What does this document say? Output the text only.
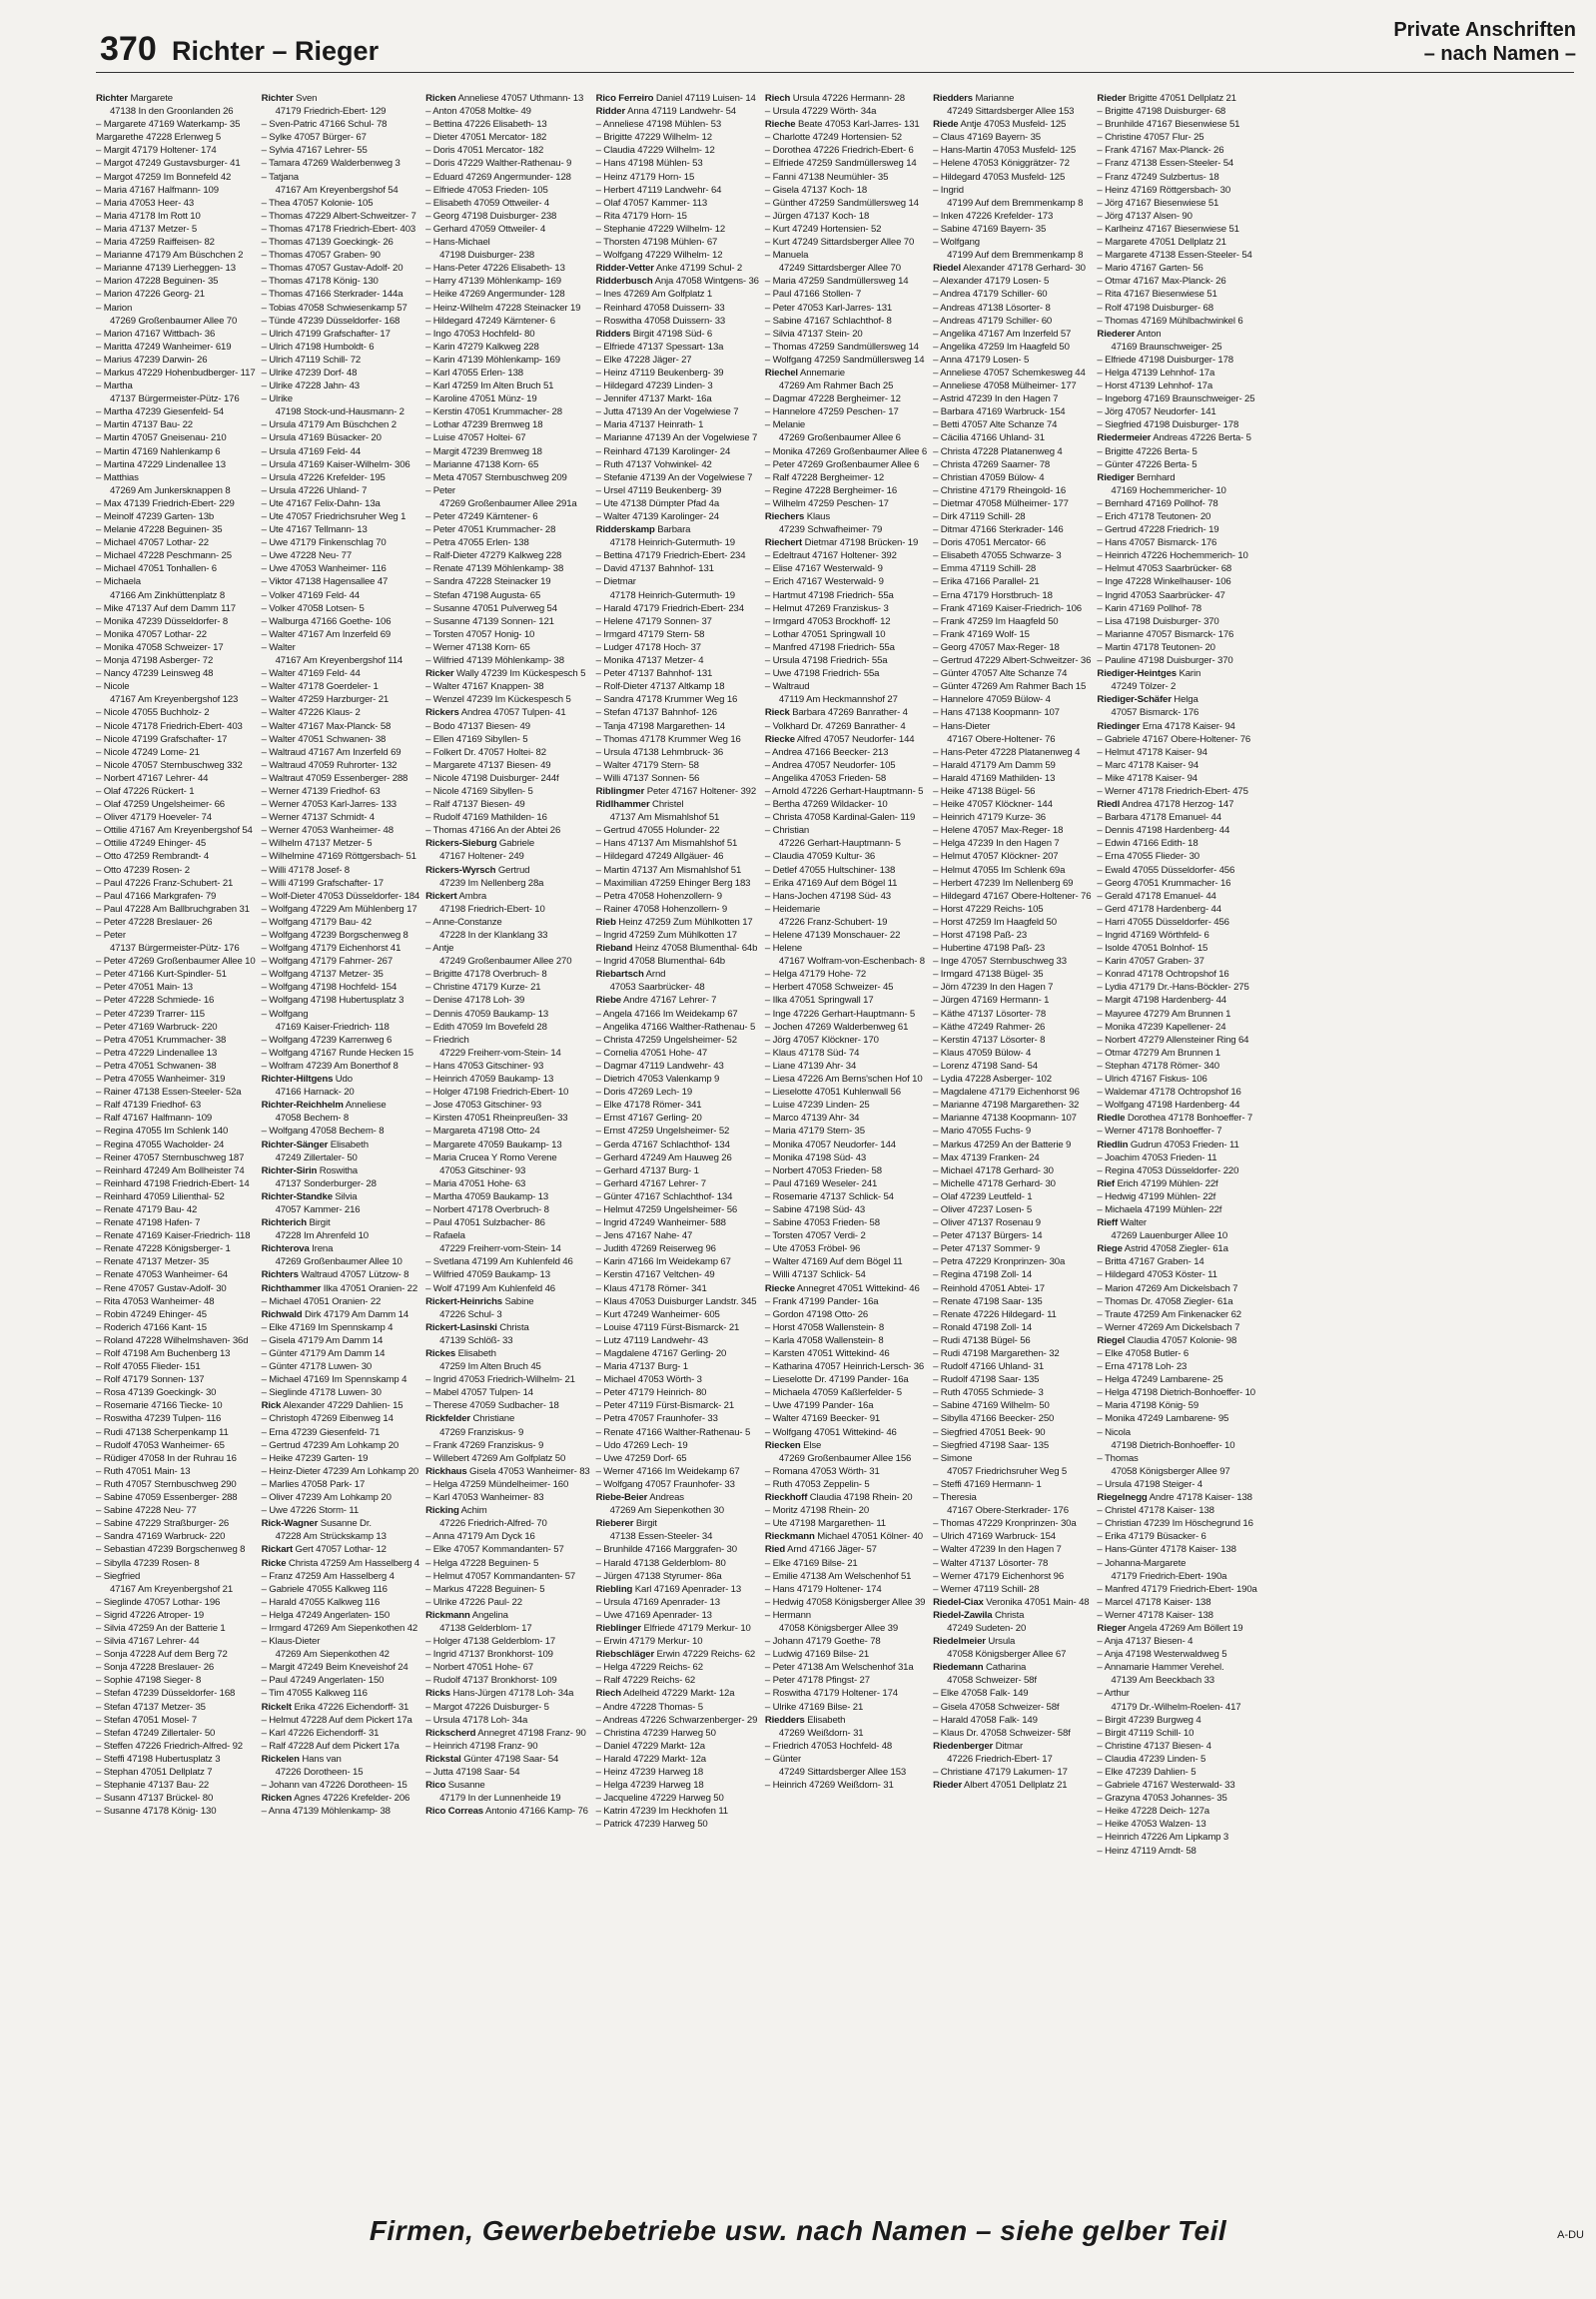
370 Richter – Rieger
Private Anschriften
– nach Namen –
Richter Margarete
47138 In den Groonlanden 26
– Margarete 47169 Waterkamp- 35
Margarethe 47228 Erlenweg 5
– Margit 47179 Holtener- 174
– Margot 47249 Gustavsburger- 41
– Margot 47259 Im Bonnefeld 42
– Maria 47167 Halfmann- 109
– Maria 47053 Heer- 43
– Maria 47178 Im Rott 10
– Maria 47137 Metzer- 5
– Maria 47259 Raiffeisen- 82
– Marianne 47179 Am Büschchen 2
– Marianne 47139 Lierheggen- 13
– Marion 47228 Beguinen- 35
– Marion 47226 Georg- 21
– Marion
47269 Großenbaumer Allee 70
– Marion 47167 Wittbach- 36
– Maritta 47249 Wanheimer- 619
– Marius 47239 Darwin- 26
– Markus 47229 Hohenbudberger- 117
– Martha
47137 Bürgermeister-Pütz- 176
– Martha 47239 Giesenfeld- 54
– Martin 47137 Bau- 22
– Martin 47057 Gneisenau- 210
– Martin 47169 Nahlenkamp 6
– Martina 47229 Lindenallee 13
– Matthias
47269 Am Junkersknappen 8
– Max 47139 Friedrich-Ebert- 229
– Meinolf 47239 Garten- 13b
– Melanie 47228 Beguinen- 35
– Michael 47057 Lothar- 22
– Michael 47228 Peschmann- 25
– Michael 47051 Tonhallen- 6
– Michaela
47166 Am Zinkhüttenplatz 8
– Mike 47137 Auf dem Damm 117
– Monika 47239 Düsseldorfer- 8
– Monika 47057 Lothar- 22
– Monika 47058 Schweizer- 17
– Monja 47198 Asberger- 72
– Nancy 47239 Leinsweg 48
– Nicole
47167 Am Kreyenbergshof 123
– Nicole 47055 Buchholz- 2
– Nicole 47178 Friedrich-Ebert- 403
– Nicole 47199 Grafschafter- 17
– Nicole 47249 Lome- 21
– Nicole 47057 Sternbuschweg 332
– Norbert 47167 Lehrer- 44
– Olaf 47226 Rückert- 1
– Olaf 47259 Ungelsheimer- 66
– Oliver 47179 Hoeveler- 74
– Ottilie 47167 Am Kreyenbergshof 54
– Ottilie 47249 Ehinger- 45
– Otto 47259 Rembrandt- 4
– Otto 47239 Rosen- 2
– Paul 47226 Franz-Schubert- 21
– Paul 47166 Markgrafen- 79
– Paul 47228 Am Ballbruchgraben 31
– Peter 47228 Breslauer- 26
– Peter
47137 Bürgermeister-Pütz- 176
– Peter 47269 Großenbaumer Allee 10
– Peter 47166 Kurt-Spindler- 51
– Peter 47051 Main- 13
– Peter 47228 Schmiede- 16
– Peter 47239 Trarrer- 115
– Peter 47169 Warbruck- 220
– Petra 47051 Krummacher- 38
– Petra 47229 Lindenallee 13
– Petra 47051 Schwanen- 38
– Petra 47055 Wanheimer- 319
– Rainer 47138 Essen-Steeler- 52a
– Ralf 47139 Friedhof- 63
– Ralf 47167 Halfmann- 109
– Regina 47055 Im Schlenk 140
– Regina 47055 Wacholder- 24
– Reiner 47057 Sternbuschweg 187
– Reinhard 47249 Am Bollheister 74
– Reinhard 47198 Friedrich-Ebert- 14
– Reinhard 47059 Lilienthal- 52
– Renate 47179 Bau- 42
– Renate 47198 Hafen- 7
– Renate 47169 Kaiser-Friedrich- 118
– Renate 47228 Königsberger- 1
– Renate 47137 Metzer- 35
– Renate 47053 Wanheimer- 64
– Rene 47057 Gustav-Adolf- 30
– Rita 47053 Wanheimer- 48
– Robin 47249 Ehinger- 45
– Roderich 47166 Kant- 15
– Roland 47228 Wilhelmshaven- 36d
– Rolf 47198 Am Buchenberg 13
– Rolf 47055 Flieder- 151
– Rolf 47179 Sonnen- 137
– Rosa 47139 Goeckingk- 30
– Rosemarie 47166 Tiecke- 10
– Roswitha 47239 Tulpen- 116
– Rudi 47138 Scherpenkamp 11
– Rudolf 47053 Wanheimer- 65
– Rüdiger 47058 In der Ruhrau 16
– Ruth 47051 Main- 13
– Ruth 47057 Sternbuschweg 290
– Sabine 47059 Essenberger- 288
– Sabine 47228 Neu- 77
– Sabine 47229 Straßburger- 26
– Sandra 47169 Warbruck- 220
– Sebastian 47239 Borgschenweg 8
– Sibylla 47239 Rosen- 8
– Siegfried
47167 Am Kreyenbergshof 21
– Sieglinde 47057 Lothar- 196
– Sigrid 47226 Atroper- 19
– Silvia 47259 An der Batterie 1
– Silvia 47167 Lehrer- 44
– Sonja 47228 Auf dem Berg 72
– Sonja 47228 Breslauer- 26
– Sophie 47198 Sieger- 8
– Stefan 47239 Düsseldorfer- 168
– Stefan 47137 Metzer- 35
– Stefan 47051 Mosel- 7
– Stefan 47249 Zillertaler- 50
– Steffen 47226 Friedrich-Alfred- 92
– Steffi 47198 Hubertusplatz 3
– Stephan 47051 Dellplatz 7
– Stephanie 47137 Bau- 22
– Susann 47137 Brückel- 80
– Susanne 47178 König- 130
Richter Sven
47179 Friedrich-Ebert- 129
– Sven-Patric 47166 Schul- 78
– Sylke 47057 Bürger- 67
– Sylvia 47167 Lehrer- 55
– Tamara 47269 Walderbenweg 3
– Tatjana
47167 Am Kreyenbergshof 54
– Thea 47057 Kolonie- 105
– Thomas 47229 Albert-Schweitzer- 7
– Thomas 47178 Friedrich-Ebert- 403
– Thomas 47139 Goeckingk- 26
– Thomas 47057 Graben- 90
– Thomas 47057 Gustav-Adolf- 20
– Thomas 47178 König- 130
– Thomas 47166 Sterkrader- 144a
– Tobias 47058 Schwiesenkamp 57
– Tünde 47239 Düsseldorfer- 168
– Ulrich 47199 Grafschafter- 17
– Ulrich 47198 Humboldt- 6
– Ulrich 47119 Schill- 72
– Ulrike 47239 Dorf- 48
– Ulrike 47228 Jahn- 43
– Ulrike
47198 Stock-und-Hausmann- 2
– Ursula 47179 Am Büschchen 2
– Ursula 47169 Büsacker- 20
– Ursula 47169 Feld- 44
– Ursula 47169 Kaiser-Wilhelm- 306
– Ursula 47226 Krefelder- 195
– Ursula 47226 Uhland- 7
– Ute 47167 Felix-Dahn- 13a
– Ute 47057 Friedrichsruher Weg 1
– Ute 47167 Tellmann- 13
– Uwe 47179 Finkenschlag 70
– Uwe 47228 Neu- 77
– Uwe 47053 Wanheimer- 116
– Viktor 47138 Hagensallee 47
– Volker 47169 Feld- 44
– Volker 47058 Lotsen- 5
– Walburga 47166 Goethe- 106
– Walter 47167 Am Inzerfeld 69
– Walter
47167 Am Kreyenbergshof 114
– Walter 47169 Feld- 44
– Walter 47178 Goerdeler- 1
– Walter 47259 Harzburger- 21
– Walter 47226 Klaus- 2
– Walter 47167 Max-Planck- 58
– Walter 47051 Schwanen- 38
– Waltraud 47167 Am Inzerfeld 69
– Waltraud 47059 Ruhrorter- 132
– Waltraut 47059 Essenberger- 288
– Werner 47139 Friedhof- 63
– Werner 47053 Karl-Jarres- 133
– Werner 47137 Schmidt- 4
– Werner 47053 Wanheimer- 48
– Wilhelm 47137 Metzer- 5
– Wilhelmine 47169 Röttgersbach- 51
– Willi 47178 Josef- 8
– Willi 47199 Grafschafter- 17
– Wolf-Dieter 47053 Düsseldorfer- 184
– Wolfgang 47229 Am Mühlenberg 17
– Wolfgang 47179 Bau- 42
– Wolfgang 47239 Borgschenweg 8
– Wolfgang 47179 Eichenhorst 41
– Wolfgang 47179 Fahrner- 267
– Wolfgang 47137 Metzer- 35
– Wolfgang 47198 Hochfeld- 154
– Wolfgang 47198 Hubertusplatz 3
– Wolfgang
47169 Kaiser-Friedrich- 118
– Wolfgang 47239 Karrenweg 6
– Wolfgang 47167 Runde Hecken 15
– Wolfram 47239 Am Bonerthof 8
Richter-Hiltgens Udo
47166 Harnack- 20
Richter-Reichhelm Anneliese
47058 Bechem- 8
– Wolfgang 47058 Bechem- 8
Richter-Sänger Elisabeth
47249 Zillertaler- 50
Richter-Sirin Roswitha
47137 Sonderburger- 28
Richter-Standke Silvia
47057 Kammer- 216
Richterich Birgit
47228 Im Ahrenfeld 10
Richterova Irena
47269 Großenbaumer Allee 10
Richters Waltraud 47057 Lützow- 8
Richthammer Ilka 47051 Oranien- 22
– Michael 47051 Oranien- 22
Richwald Dirk 47179 Am Damm 14
– Elke 47169 Im Spennskamp 4
– Gisela 47179 Am Damm 14
– Günter 47179 Am Damm 14
– Günter 47178 Luwen- 30
– Michael 47169 Im Spennskamp 4
– Sieglinde 47178 Luwen- 30
Rick Alexander 47229 Dahlien- 15
– Christoph 47269 Eibenweg 14
– Erna 47239 Giesenfeld- 71
– Gertrud 47239 Am Lohkamp 20
– Heike 47239 Garten- 19
– Heinz-Dieter 47239 Am Lohkamp 20
– Marlies 47058 Park- 17
– Oliver 47239 Am Lohkamp 20
– Uwe 47226 Storm- 11
Rick-Wagner Susanne Dr.
47228 Am Strückskamp 13
Rickart Gert 47057 Lothar- 12
Ricke Christa 47259 Am Hasselberg 4
– Franz 47259 Am Hasselberg 4
– Gabriele 47055 Kalkweg 116
– Harald 47055 Kalkweg 116
– Helga 47249 Angerlaten- 150
– Irmgard 47269 Am Siepenkothen 42
– Klaus-Dieter
47269 Am Siepenkothen 42
– Margit 47249 Beim Kneveishof 24
– Paul 47249 Angerlaten- 150
– Tim 47055 Kalkweg 116
Rickelt Erika 47226 Eichendorff- 31
– Helmut 47228 Auf dem Pickert 17a
– Karl 47226 Eichendorff- 31
– Ralf 47228 Auf dem Pickert 17a
Rickelen Hans van
47226 Dorotheen- 15
– Johann van 47226 Dorotheen- 15
Ricken Agnes 47226 Krefelder- 206
– Anna 47139 Möhlenkamp- 38
Ricken Anneliese 47057 Uthmann- 13
– Anton 47058 Moltke- 49
– Bettina 47226 Elisabeth- 13
– Dieter 47051 Mercator- 182
– Doris 47051 Mercator- 182
– Doris 47229 Walther-Rathenau- 9
– Eduard 47269 Angermunder- 128
– Elfriede 47053 Frieden- 105
– Elisabeth 47059 Ottweiler- 4
– Georg 47198 Duisburger- 238
– Gerhard 47059 Ottweiler- 4
– Hans-Michael
47198 Duisburger- 238
– Hans-Peter 47226 Elisabeth- 13
– Harry 47139 Möhlenkamp- 169
– Heike 47269 Angermunder- 128
– Heinz-Wilhelm 47228 Steinacker 19
– Hildegard 47249 Kärntener- 6
– Ingo 47053 Hochfeld- 80
– Karin 47279 Kalkweg 228
– Karin 47139 Möhlenkamp- 169
– Karl 47055 Erlen- 138
– Karl 47259 Im Alten Bruch 51
– Karoline 47051 Münz- 19
– Kerstin 47051 Krummacher- 28
– Lothar 47239 Bremweg 18
– Luise 47057 Holtei- 67
– Margit 47239 Bremweg 18
– Marianne 47138 Korn- 65
– Meta 47057 Sternbuschweg 209
– Peter
47269 Großenbaumer Allee 291a
– Peter 47249 Kärntener- 6
– Peter 47051 Krummacher- 28
– Petra 47055 Erlen- 138
– Ralf-Dieter 47279 Kalkweg 228
– Renate 47139 Möhlenkamp- 38
– Sandra 47228 Steinacker 19
– Stefan 47198 Augusta- 65
– Susanne 47051 Pulverweg 54
– Susanne 47139 Sonnen- 121
– Torsten 47057 Honig- 10
– Werner 47138 Korn- 65
– Wilfried 47139 Möhlenkamp- 38
Ricker Wally 47239 Im Kückespesch 5
– Walter 47167 Knappen- 38
– Wenzel 47239 Im Kückespesch 5
Rickers Andrea 47057 Tulpen- 41
– Bodo 47137 Biesen- 49
– Ellen 47169 Sibyllen- 5
– Folkert Dr. 47057 Holtei- 82
– Margarete 47137 Biesen- 49
– Nicole 47198 Duisburger- 244f
– Nicole 47169 Sibyllen- 5
– Ralf 47137 Biesen- 49
– Rudolf 47169 Mathilden- 16
– Thomas 47166 An der Abtei 26
Rickers-Sieburg Gabriele
47167 Holtener- 249
Rickers-Wyrsch Gertrud
47239 Im Nellenberg 28a
Rickert Ambra
47198 Friedrich-Ebert- 10
– Anne-Constanze
47228 In der Klanklang 33
– Antje
47249 Großenbaumer Allee 270
– Brigitte 47178 Overbruch- 8
– Christine 47179 Kurze- 21
– Denise 47178 Loh- 39
– Dennis 47059 Baukamp- 13
– Edith 47059 Im Bovefeld 28
– Friedrich
47229 Freiherr-vom-Stein- 14
– Hans 47053 Gitschiner- 93
– Heinrich 47059 Baukamp- 13
– Holger 47198 Friedrich-Ebert- 10
– Jose 47053 Gitschiner- 93
– Kirsten 47051 Rheinpreußen- 33
– Margareta 47198 Otto- 24
– Margarete 47059 Baukamp- 13
– Maria Crucea Y Romo Verene
47053 Gitschiner- 93
– Maria 47051 Hohe- 63
– Martha 47059 Baukamp- 13
– Norbert 47178 Overbruch- 8
– Paul 47051 Sulzbacher- 86
– Rafaela
47229 Freiherr-vom-Stein- 14
– Svetlana 47199 Am Kuhlenfeld 46
– Wilfried 47059 Baukamp- 13
– Wolf 47199 Am Kuhlenfeld 46
Rickert-Heinrichs Sabine
47226 Schul- 3
Rickert-Lasinski Christa
47139 Schlöß- 33
Rickes Elisabeth
47259 Im Alten Bruch 45
– Ingrid 47053 Friedrich-Wilhelm- 21
– Mabel 47057 Tulpen- 14
– Therese 47059 Sudbacher- 18
Rickfelder Christiane
47269 Franziskus- 9
– Frank 47269 Franziskus- 9
– Willebert 47269 Am Golfplatz 50
Rickhaus Gisela 47053 Wanheimer- 83
– Helga 47259 Mündelheimer- 160
– Karl 47053 Wanheimer- 83
Ricking Achim
47226 Friedrich-Alfred- 70
– Anna 47179 Am Dyck 16
– Elke 47057 Kommandanten- 57
– Helga 47228 Beguinen- 5
– Helmut 47057 Kommandanten- 57
– Markus 47228 Beguinen- 5
– Ulrike 47226 Paul- 22
Rickmann Angelina
47138 Gelderblom- 17
– Holger 47138 Gelderblom- 17
– Ingrid 47137 Bronkhorst- 109
– Norbert 47051 Hohe- 67
– Rudolf 47137 Bronkhorst- 109
Ricks Hans-Jürgen 47178 Loh- 34a
– Margot 47226 Duisburger- 5
– Ursula 47178 Loh- 34a
Rickscherd Annegret 47198 Franz- 90
– Heinrich 47198 Franz- 90
Rickstal Günter 47198 Saar- 54
– Jutta 47198 Saar- 54
Rico Susanne
47179 In der Lunnenheide 19
Rico Correas Antonio 47166 Kamp- 76
Rico Ferreiro Daniel 47119 Luisen- 14
Ridder Anna 47119 Landwehr- 54
– Anneliese 47198 Mühlen- 53
– Brigitte 47229 Wilhelm- 12
– Claudia 47229 Wilhelm- 12
– Hans 47198 Mühlen- 53
– Heinz 47179 Horn- 15
– Herbert 47119 Landwehr- 64
– Olaf 47057 Kammer- 113
– Rita 47179 Horn- 15
– Stephanie 47229 Wilhelm- 12
– Thorsten 47198 Mühlen- 67
– Wolfgang 47229 Wilhelm- 12
Ridder-Vetter Anke 47199 Schul- 2
Ridderbusch Anja 47058 Wintgens- 36
– Ines 47269 Am Golfplatz 1
– Reinhard 47058 Duissern- 33
– Roswitha 47058 Duissern- 33
Ridders Birgit 47198 Süd- 6
– Elfriede 47137 Spessart- 13a
– Elke 47228 Jäger- 27
– Heinz 47119 Beukenberg- 39
– Hildegard 47239 Linden- 3
– Jennifer 47137 Markt- 16a
– Jutta 47139 An der Vogelwiese 7
– Maria 47137 Heinrath- 1
– Marianne 47139 An der Vogelwiese 7
– Reinhard 47139 Karolinger- 24
– Ruth 47137 Vohwinkel- 42
– Stefanie 47139 An der Vogelwiese 7
– Ursel 47119 Beukenberg- 39
– Ute 47138 Dümpter Pfad 4a
– Walter 47139 Karolinger- 24
Ridderskamp Barbara
47178 Heinrich-Gutermuth- 19
– Bettina 47179 Friedrich-Ebert- 234
– David 47137 Bahnhof- 131
– Dietmar
47178 Heinrich-Gutermuth- 19
– Harald 47179 Friedrich-Ebert- 234
– Helene 47179 Sonnen- 37
– Irmgard 47179 Stern- 58
– Ludger 47178 Hoch- 37
– Monika 47137 Metzer- 4
– Peter 47137 Bahnhof- 131
– Rolf-Dieter 47137 Altkamp 18
– Sandra 47178 Krummer Weg 16
– Stefan 47137 Bahnhof- 126
– Tanja 47198 Margarethen- 14
– Thomas 47178 Krummer Weg 16
– Ursula 47138 Lehmbruck- 36
– Walter 47179 Stern- 58
– Willi 47137 Sonnen- 56
Riblingmer Peter 47167 Holtener- 392
Ridlhammer Christel
47137 Am Mismahlshof 51
– Gertrud 47055 Holunder- 22
– Hans 47137 Am Mismahlshof 51
– Hildegard 47249 Allgäuer- 46
– Martin 47137 Am Mismahlshof 51
– Maximilian 47259 Ehinger Berg 183
– Petra 47058 Hohenzollern- 9
– Rainer 47058 Hohenzollern- 9
Rieb Heinz 47259 Zum Mühlkotten 17
– Ingrid 47259 Zum Mühlkotten 17
Rieband Heinz 47058 Blumenthal- 64b
– Ingrid 47058 Blumenthal- 64b
Riebartsch Arnd
47053 Saarbrücker- 48
Riebe Andre 47167 Lehrer- 7
– Angela 47166 Im Weidekamp 67
– Angelika 47166 Walther-Rathenau- 5
– Christa 47259 Ungelsheimer- 52
– Cornelia 47051 Hohe- 47
– Dagmar 47119 Landwehr- 43
– Dietrich 47053 Valenkamp 9
– Doris 47269 Lech- 19
– Elke 47178 Römer- 341
– Ernst 47167 Gerling- 20
– Ernst 47259 Ungelsheimer- 52
– Gerda 47167 Schlachthof- 134
– Gerhard 47249 Am Hauweg 26
– Gerhard 47137 Burg- 1
– Gerhard 47167 Lehrer- 7
– Günter 47167 Schlachthof- 134
– Helmut 47259 Ungelsheimer- 56
– Ingrid 47249 Wanheimer- 588
– Jens 47167 Nahe- 47
– Judith 47269 Reiserweg 96
– Karin 47166 Im Weidekamp 67
– Kerstin 47167 Veltchen- 49
– Klaus 47178 Römer- 341
– Klaus 47053 Duisburger Landstr. 345
– Kurt 47249 Wanheimer- 605
– Louise 47119 Fürst-Bismarck- 21
– Lutz 47119 Landwehr- 43
– Magdalene 47167 Gerling- 20
– Maria 47137 Burg- 1
– Michael 47053 Wörth- 3
– Peter 47179 Heinrich- 80
– Peter 47119 Fürst-Bismarck- 21
– Petra 47057 Fraunhofer- 33
– Renate 47166 Walther-Rathenau- 5
– Udo 47269 Lech- 19
– Uwe 47259 Dorf- 65
– Werner 47166 Im Weidekamp 67
– Wolfgang 47057 Fraunhofer- 33
Riebe-Beier Andreas
47269 Am Siepenkothen 30
Rieberer Birgit
47138 Essen-Steeler- 34
– Brunhilde 47166 Marggrafen- 30
– Harald 47138 Gelderblom- 80
– Jürgen 47138 Styrumer- 86a
Riebling Karl 47169 Apenrader- 13
– Ursula 47169 Apenrader- 13
– Uwe 47169 Apenrader- 13
Rieblinger Elfriede 47179 Merkur- 10
– Erwin 47179 Merkur- 10
Riebschläger Erwin 47229 Reichs- 62
– Helga 47229 Reichs- 62
– Ralf 47229 Reichs- 62
Riech Adelheid 47229 Markt- 12a
– Andre 47228 Thomas- 5
– Andreas 47226 Schwarzenberger- 29
– Christina 47239 Harweg 50
– Daniel 47229 Markt- 12a
– Harald 47229 Markt- 12a
– Heinz 47239 Harweg 18
– Helga 47239 Harweg 18
– Jacqueline 47229 Harweg 50
– Katrin 47239 Im Heckhofen 11
– Patrick 47239 Harweg 50
Riech Ursula 47226 Hermann- 28
– Ursula 47229 Wörth- 34a
Rieche Beate 47053 Karl-Jarres- 131
– Charlotte 47249 Hortensien- 52
– Dorothea 47226 Friedrich-Ebert- 6
– Elfriede 47259 Sandmüllersweg 14
– Fanni 47138 Neumühler- 35
– Gisela 47137 Koch- 18
– Günther 47259 Sandmüllersweg 14
– Jürgen 47137 Koch- 18
– Kurt 47249 Hortensien- 52
– Kurt 47249 Sittardsberger Allee 70
– Manuela
47249 Sittardsberger Allee 70
– Maria 47259 Sandmüllersweg 14
– Paul 47166 Stollen- 7
– Peter 47053 Karl-Jarres- 131
– Sabine 47167 Schlachthof- 8
– Silvia 47137 Stein- 20
– Thomas 47259 Sandmüllersweg 14
– Wolfgang 47259 Sandmüllersweg 14
Riechel Annemarie
47269 Am Rahmer Bach 25
– Dagmar 47228 Bergheimer- 12
– Hannelore 47259 Peschen- 17
– Melanie
47269 Großenbaumer Allee 6
– Monika 47269 Großenbaumer Allee 6
– Peter 47269 Großenbaumer Allee 6
– Ralf 47228 Bergheimer- 12
– Regine 47228 Bergheimer- 16
– Wilhelm 47259 Peschen- 17
Riechers Klaus
47239 Schwafheimer- 79
Riechert Dietmar 47198 Brücken- 19
– Edeltraut 47167 Holtener- 392
– Elise 47167 Westerwald- 9
– Erich 47167 Westerwald- 9
– Hartmut 47198 Friedrich- 55a
– Helmut 47269 Franziskus- 3
– Irmgard 47053 Brockhoff- 12
– Lothar 47051 Springwall 10
– Manfred 47198 Friedrich- 55a
– Ursula 47198 Friedrich- 55a
– Uwe 47198 Friedrich- 55a
– Waltraud
47119 Am Heckmannshof 27
Rieck Barbara 47269 Banrather- 4
– Volkhard Dr. 47269 Banrather- 4
Riecke Alfred 47057 Neudorfer- 144
– Andrea 47166 Beecker- 213
– Andrea 47057 Neudorfer- 105
– Angelika 47053 Frieden- 58
– Arnold 47226 Gerhart-Hauptmann- 5
– Bertha 47269 Wildacker- 10
– Christa 47058 Kardinal-Galen- 119
– Christian
47226 Gerhart-Hauptmann- 5
– Claudia 47059 Kultur- 36
– Detlef 47055 Hultschiner- 138
– Erika 47169 Auf dem Bögel 11
– Hans-Jochen 47198 Süd- 43
– Heidemarie
47226 Franz-Schubert- 19
– Helene 47139 Monschauer- 22
– Helene
47167 Wolfram-von-Eschenbach- 8
– Helga 47179 Hohe- 72
– Herbert 47058 Schweizer- 45
– Ilka 47051 Springwall 17
– Inge 47226 Gerhart-Hauptmann- 5
– Jochen 47269 Walderbenweg 61
– Jörg 47057 Klöckner- 170
– Klaus 47178 Süd- 74
– Liane 47139 Ahr- 34
– Liesa 47226 Am Berns'schen Hof 10
– Lieselotte 47051 Kuhlenwall 56
– Luise 47239 Linden- 25
– Marco 47139 Ahr- 34
– Maria 47179 Stern- 35
– Monika 47057 Neudorfer- 144
– Monika 47198 Süd- 43
– Norbert 47053 Frieden- 58
– Paul 47169 Weseler- 241
– Rosemarie 47137 Schlick- 54
– Sabine 47198 Süd- 43
– Sabine 47053 Frieden- 58
– Torsten 47057 Verdi- 2
– Ute 47053 Fröbel- 96
– Walter 47169 Auf dem Bögel 11
– Willi 47137 Schlick- 54
Riecke Annegret 47051 Wittekind- 46
– Frank 47199 Pander- 16a
– Gordon 47198 Otto- 26
– Horst 47058 Wallenstein- 8
– Karla 47058 Wallenstein- 8
– Karsten 47051 Wittekind- 46
– Katharina 47057 Heinrich-Lersch- 36
– Lieselotte Dr. 47199 Pander- 16a
– Michaela 47059 Kaßlerfelder- 5
– Uwe 47199 Pander- 16a
– Walter 47169 Beecker- 91
– Wolfgang 47051 Wittekind- 46
Riecken Else
47269 Großenbaumer Allee 156
– Romana 47053 Wörth- 31
– Ruth 47053 Zeppelin- 5
Rieckhoff Claudia 47198 Rhein- 20
– Moritz 47198 Rhein- 20
– Ute 47198 Margarethen- 11
Rieckmann Michael 47051 Kölner- 40
Ried Arnd 47166 Jäger- 57
– Elke 47169 Bilse- 21
– Emilie 47138 Am Welschenhof 51
– Hans 47179 Holtener- 174
– Hedwig 47058 Königsberger Allee 39
– Hermann
47058 Königsberger Allee 39
– Johann 47179 Goethe- 78
– Ludwig 47169 Bilse- 21
– Peter 47138 Am Welschenhof 31a
– Peter 47178 Pfingst- 27
– Roswitha 47179 Holtener- 174
– Ulrike 47169 Bilse- 21
Riedders Elisabeth
47269 Weißdorn- 31
– Friedrich 47053 Hochfeld- 48
– Günter
47249 Sittardsberger Allee 153
– Heinrich 47269 Weißdorn- 31
Riedders Marianne
47249 Sittardsberger Allee 153
Riede Antje 47053 Musfeld- 125
– Claus 47169 Bayern- 35
– Hans-Martin 47053 Musfeld- 125
– Helene 47053 Königgrätzer- 72
– Hildegard 47053 Musfeld- 125
– Ingrid
47199 Auf dem Bremmenkamp 8
– Inken 47226 Krefelder- 173
– Sabine 47169 Bayern- 35
– Wolfgang
47199 Auf dem Bremmenkamp 8
Riedel Alexander 47178 Gerhard- 30
– Alexander 47179 Losen- 5
– Andrea 47179 Schiller- 60
– Andreas 47138 Lösorter- 8
– Andreas 47179 Schiller- 60
– Angelika 47167 Am Inzerfeld 57
– Angelika 47259 Im Haagfeld 50
– Anna 47179 Losen- 5
– Anneliese 47057 Schemkesweg 44
– Anneliese 47058 Mülheimer- 177
– Astrid 47239 In den Hagen 7
– Barbara 47169 Warbruck- 154
– Betti 47057 Alte Schanze 74
– Cäcilia 47166 Uhland- 31
– Christa 47228 Platanenweg 4
– Christa 47269 Saarner- 78
– Christian 47059 Bülow- 4
– Christine 47179 Rheingold- 16
– Dietmar 47058 Mülheimer- 177
– Dirk 47119 Schill- 28
– Ditmar 47166 Sterkrader- 146
– Doris 47051 Mercator- 66
– Elisabeth 47055 Schwarze- 3
– Emma 47119 Schill- 28
– Erika 47166 Parallel- 21
– Erna 47179 Horstbruch- 18
– Frank 47169 Kaiser-Friedrich- 106
– Frank 47259 Im Haagfeld 50
– Frank 47169 Wolf- 15
– Georg 47057 Max-Reger- 18
– Gertrud 47229 Albert-Schweitzer- 36
– Günter 47057 Alte Schanze 74
– Günter 47269 Am Rahmer Bach 15
– Hannelore 47059 Bülow- 4
– Hans 47138 Koopmann- 107
– Hans-Dieter
47167 Obere-Holtener- 76
– Hans-Peter 47228 Platanenweg 4
– Harald 47179 Am Damm 59
– Harald 47169 Mathilden- 13
– Heike 47138 Bügel- 56
– Heike 47057 Klöckner- 144
– Heinrich 47179 Kurze- 36
– Helene 47057 Max-Reger- 18
– Helga 47239 In den Hagen 7
– Helmut 47057 Klöckner- 207
– Helmut 47055 Im Schlenk 69a
– Herbert 47239 Im Nellenberg 69
– Hildegard 47167 Obere-Holtener- 76
– Horst 47229 Reichs- 105
– Horst 47259 Im Haagfeld 50
– Horst 47198 Paß- 23
– Hubertine 47198 Paß- 23
– Inge 47057 Sternbuschweg 33
– Irmgard 47138 Bügel- 35
– Jörn 47239 In den Hagen 7
– Jürgen 47169 Hermann- 1
– Käthe 47137 Lösorter- 78
– Käthe 47249 Rahmer- 26
– Kerstin 47137 Lösorter- 8
– Klaus 47059 Bülow- 4
– Lorenz 47198 Sand- 54
– Lydia 47228 Asberger- 102
– Magdalene 47179 Eichenhorst 96
– Marianne 47198 Margarethen- 32
– Marianne 47138 Koopmann- 107
– Mario 47055 Fuchs- 9
– Markus 47259 An der Batterie 9
– Max 47139 Franken- 24
– Michael 47178 Gerhard- 30
– Michelle 47178 Gerhard- 30
– Olaf 47239 Leutfeld- 1
– Oliver 47237 Losen- 5
– Oliver 47137 Rosenau 9
– Peter 47137 Bürgers- 14
– Peter 47137 Sommer- 9
– Petra 47229 Kronprinzen- 30a
– Regina 47198 Zoll- 14
– Reinhold 47051 Abtei- 17
– Renate 47198 Saar- 135
– Renate 47226 Hildegard- 11
– Ronald 47198 Zoll- 14
– Rudi 47138 Bügel- 56
– Rudi 47198 Margarethen- 32
– Rudolf 47166 Uhland- 31
– Rudolf 47198 Saar- 135
– Ruth 47055 Schmiede- 3
– Sabine 47169 Wilhelm- 50
– Sibylla 47166 Beecker- 250
– Siegfried 47051 Beek- 90
– Siegfried 47198 Saar- 135
– Simone
47057 Friedrichsruher Weg 5
– Steffi 47169 Hermann- 1
– Theresia
47167 Obere-Sterkrader- 176
– Thomas 47229 Kronprinzen- 30a
– Ulrich 47169 Warbruck- 154
– Walter 47239 In den Hagen 7
– Walter 47137 Lösorter- 78
– Werner 47179 Eichenhorst 96
– Werner 47119 Schill- 28
Riedel-Ciax Veronika 47051 Main- 48
Riedel-Zawila Christa
47249 Sudeten- 20
Riedelmeier Ursula
47058 Königsberger Allee 67
Riedemann Catharina
47058 Schweizer- 58f
– Elke 47058 Falk- 149
– Gisela 47058 Schweizer- 58f
– Harald 47058 Falk- 149
– Klaus Dr. 47058 Schweizer- 58f
Riedenberger Ditmar
47226 Friedrich-Ebert- 17
– Christiane 47179 Lakumen- 17
Rieder Albert 47051 Dellplatz 21
Rieder Brigitte 47051 Dellplatz 21
– Brigitte 47198 Duisburger- 68
– Brunhilde 47167 Biesenwiese 51
– Christine 47057 Flur- 25
– Frank 47167 Max-Planck- 26
– Franz 47138 Essen-Steeler- 54
– Franz 47249 Sulzbertus- 18
– Heinz 47169 Röttgersbach- 30
– Jörg 47167 Biesenwiese 51
– Jörg 47137 Alsen- 90
– Karlheinz 47167 Biesenwiese 51
– Margarete 47051 Dellplatz 21
– Margarete 47138 Essen-Steeler- 54
– Mario 47167 Garten- 56
– Otmar 47167 Max-Planck- 26
– Rita 47167 Biesenwiese 51
– Rolf 47198 Duisburger- 68
– Thomas 47169 Mühlbachwinkel 6
Riederer Anton
47169 Braunschweiger- 25
– Elfriede 47198 Duisburger- 178
– Helga 47139 Lehnhof- 17a
– Horst 47139 Lehnhof- 17a
– Ingeborg 47169 Braunschweiger- 25
– Jörg 47057 Neudorfer- 141
– Siegfried 47198 Duisburger- 178
Riedermeier Andreas 47226 Berta- 5
– Brigitte 47226 Berta- 5
– Günter 47226 Berta- 5
Riediger Bernhard
47169 Hochemmericher- 10
– Bernhard 47169 Pollhof- 78
– Erich 47178 Teutonen- 20
– Gertrud 47228 Friedrich- 19
– Hans 47057 Bismarck- 176
– Heinrich 47226 Hochemmerich- 10
– Helmut 47053 Saarbrücker- 68
– Inge 47228 Winkelhauser- 106
– Ingrid 47053 Saarbrücker- 47
– Karin 47169 Pollhof- 78
– Lisa 47198 Duisburger- 370
– Marianne 47057 Bismarck- 176
– Martin 47178 Teutonen- 20
– Pauline 47198 Duisburger- 370
Riediger-Heintges Karin
47249 Tölzer- 2
Riediger-Schäfer Helga
47057 Bismarck- 176
Riedinger Erna 47178 Kaiser- 94
– Gabriele 47167 Obere-Holtener- 76
– Helmut 47178 Kaiser- 94
– Marc 47178 Kaiser- 94
– Mike 47178 Kaiser- 94
– Werner 47178 Friedrich-Ebert- 475
Riedl Andrea 47178 Herzog- 147
– Barbara 47178 Emanuel- 44
– Dennis 47198 Hardenberg- 44
– Edwin 47166 Edith- 18
– Erna 47055 Flieder- 30
– Ewald 47055 Düsseldorfer- 456
– Georg 47051 Krummacher- 16
– Gerald 47178 Emanuel- 44
– Gerd 47178 Hardenberg- 44
– Harri 47055 Düsseldorfer- 456
– Ingrid 47169 Wörthfeld- 6
– Isolde 47051 Bolnhof- 15
– Karin 47057 Graben- 37
– Konrad 47178 Ochtropshof 16
– Lydia 47179 Dr.-Hans-Böckler- 275
– Margit 47198 Hardenberg- 44
– Mayuree 47279 Am Brunnen 1
– Monika 47239 Kapellener- 24
– Norbert 47279 Allensteiner Ring 64
– Otmar 47279 Am Brunnen 1
– Stephan 47178 Römer- 340
– Ulrich 47167 Fiskus- 106
– Waldemar 47178 Ochtropshof 16
– Wolfgang 47198 Hardenberg- 44
Riedle Dorothea 47178 Bonhoeffer- 7
– Werner 47178 Bonhoeffer- 7
Riedlin Gudrun 47053 Frieden- 11
– Joachim 47053 Frieden- 11
– Regina 47053 Düsseldorfer- 220
Rief Erich 47199 Mühlen- 22f
– Hedwig 47199 Mühlen- 22f
– Michaela 47199 Mühlen- 22f
Rieff Walter
47269 Lauenburger Allee 10
Riege Astrid 47058 Ziegler- 61a
– Britta 47167 Graben- 14
– Hildegard 47053 Köster- 11
– Marion 47269 Am Dickelsbach 7
– Thomas Dr. 47058 Ziegler- 61a
– Traute 47259 Am Finkenacker 62
– Werner 47269 Am Dickelsbach 7
Riegel Claudia 47057 Kolonie- 98
– Elke 47058 Butler- 6
– Erna 47178 Loh- 23
– Helga 47249 Lambarene- 25
– Helga 47198 Dietrich-Bonhoeffer- 10
– Maria 47198 König- 59
– Monika 47249 Lambarene- 95
– Nicola
47198 Dietrich-Bonhoeffer- 10
– Thomas
47058 Königsberger Allee 97
– Ursula 47198 Steiger- 4
Riegelnegg Andre 47178 Kaiser- 138
– Christel 47178 Kaiser- 138
– Christian 47239 Im Höschegrund 16
– Erika 47179 Büsacker- 6
– Hans-Günter 47178 Kaiser- 138
– Johanna-Margarete
47179 Friedrich-Ebert- 190a
– Manfred 47179 Friedrich-Ebert- 190a
– Marcel 47178 Kaiser- 138
– Werner 47178 Kaiser- 138
Rieger Angela 47269 Am Böllert 19
– Anja 47137 Biesen- 4
– Anja 47198 Westerwaldweg 5
– Annamarie Hammer Verehel.
47139 Am Beeckbach 33
– Arthur
47179 Dr.-Wilhelm-Roelen- 417
– Birgit 47239 Burgweg 4
– Birgit 47119 Schill- 10
– Christine 47137 Biesen- 4
– Claudia 47239 Linden- 5
– Elke 47239 Dahlien- 5
– Gabriele 47167 Westerwald- 33
– Grazyna 47053 Johannes- 35
– Heike 47228 Deich- 127a
– Heike 47053 Walzen- 13
– Heinrich 47226 Am Lipkamp 3
– Heinz 47119 Arndt- 58
Firmen, Gewerbebetriebe usw. nach Namen – siehe gelber Teil	A-DU
